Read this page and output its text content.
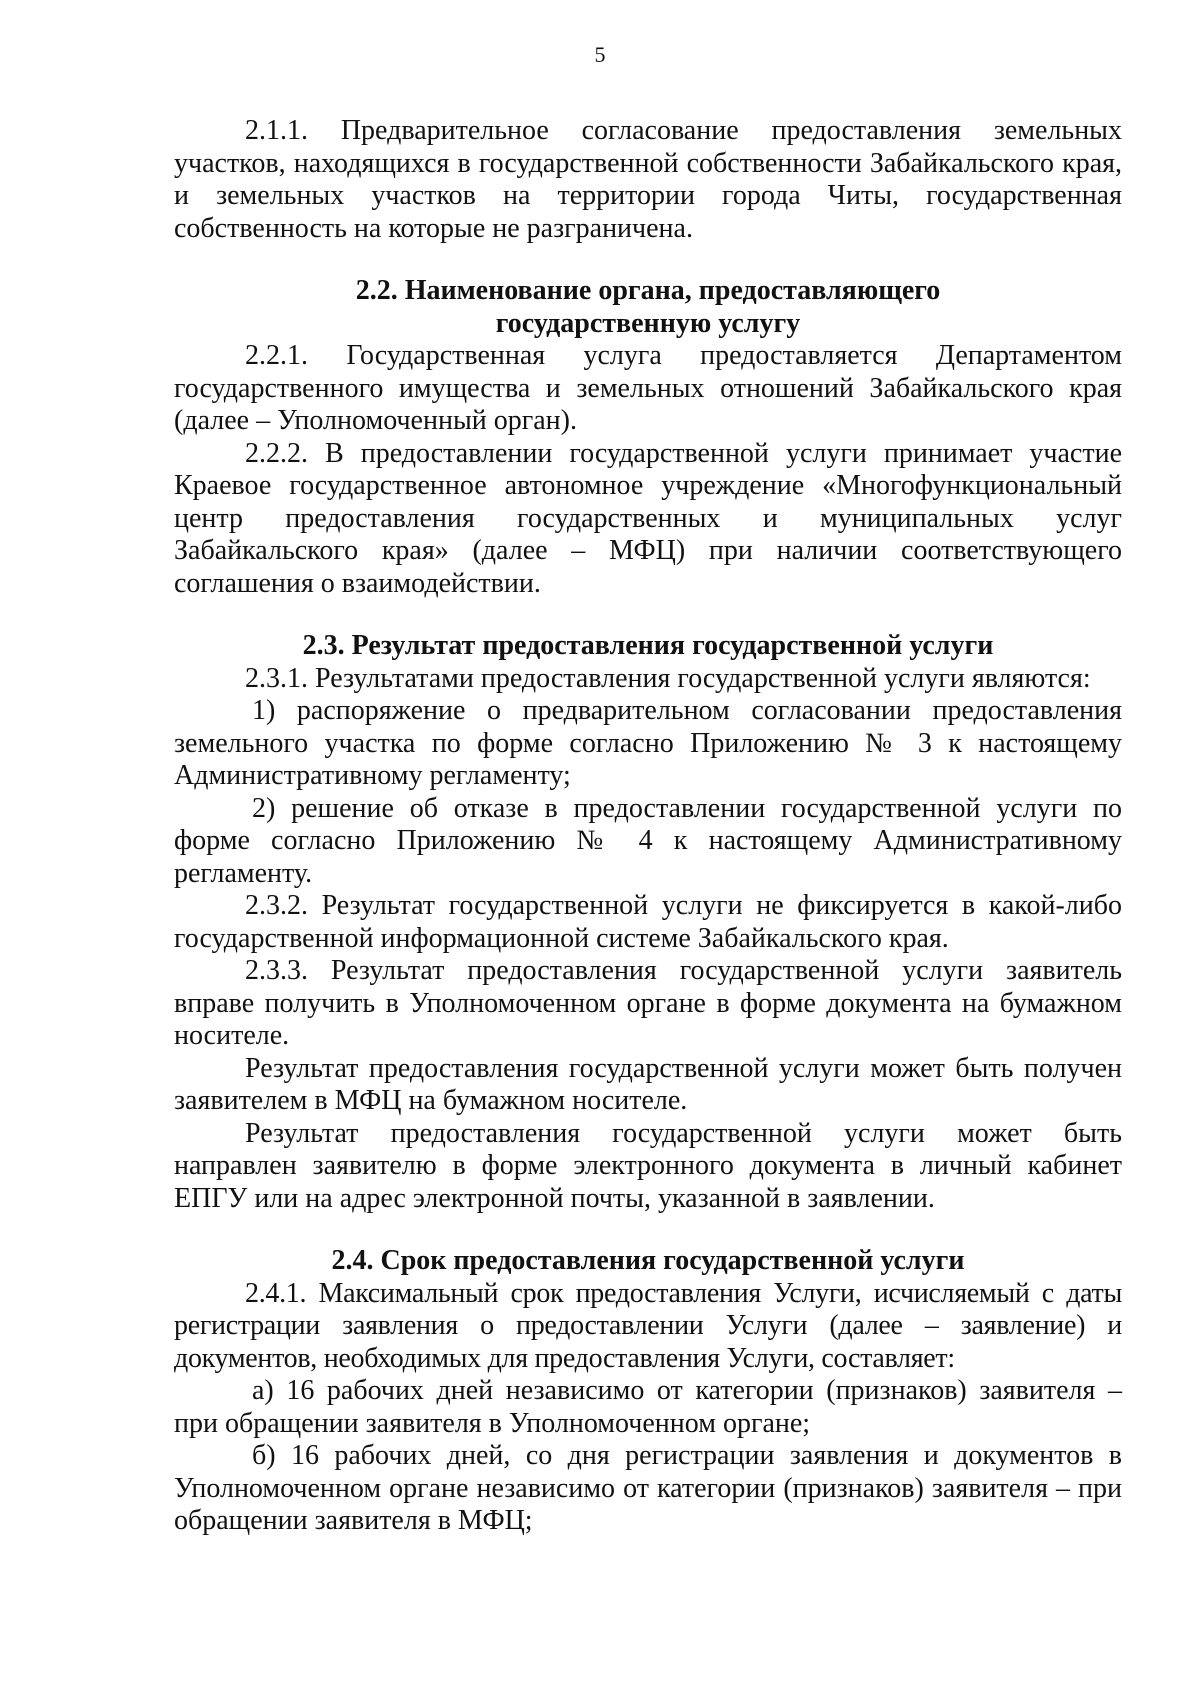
5

2.1.1. Предварительное согласование предоставления земельных участков, находящихся в государственной собственности Забайкальского края, и земельных участков на территории города Читы, государственная собственность на которые не разграничена.

2.2. Наименование органа, предоставляющего
государственную услугу

2.2.1. Государственная услуга предоставляется Департаментом государственного имущества и земельных отношений Забайкальского края (далее – Уполномоченный орган).

2.2.2. В предоставлении государственной услуги принимает участие Краевое государственное автономное учреждение «Многофункциональный центр предоставления государственных и муниципальных услуг Забайкальского края» (далее – МФЦ) при наличии соответствующего соглашения о взаимодействии.

2.3. Результат предоставления государственной услуги

2.3.1. Результатами предоставления государственной услуги являются:

1) распоряжение о предварительном согласовании предоставления земельного участка по форме согласно Приложению № 3 к настоящему Административному регламенту;

2) решение об отказе в предоставлении государственной услуги по форме согласно Приложению № 4 к настоящему Административному регламенту.

2.3.2. Результат государственной услуги не фиксируется в какой-либо государственной информационной системе Забайкальского края.

2.3.3. Результат предоставления государственной услуги заявитель вправе получить в Уполномоченном органе в форме документа на бумажном носителе.

Результат предоставления государственной услуги может быть получен заявителем в МФЦ на бумажном носителе.

Результат предоставления государственной услуги может быть направлен заявителю в форме электронного документа в личный кабинет ЕПГУ или на адрес электронной почты, указанной в заявлении.

2.4. Срок предоставления государственной услуги

2.4.1. Максимальный срок предоставления Услуги, исчисляемый с даты регистрации заявления о предоставлении Услуги (далее – заявление) и документов, необходимых для предоставления Услуги, составляет:

а) 16 рабочих дней независимо от категории (признаков) заявителя – при обращении заявителя в Уполномоченном органе;

б) 16 рабочих дней, со дня регистрации заявления и документов в Уполномоченном органе независимо от категории (признаков) заявителя – при обращении заявителя в МФЦ;
